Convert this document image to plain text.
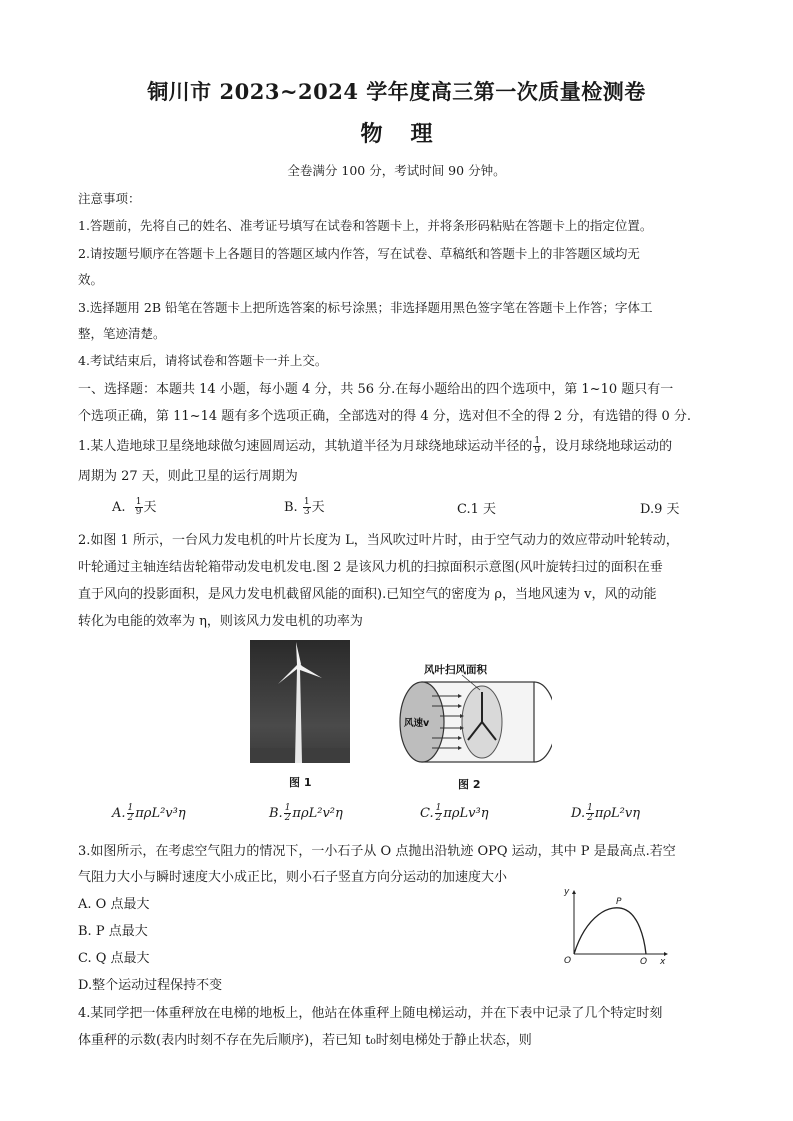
铜川市 2023~2024 学年度高三第一次质量检测卷
物 理
全卷满分 100 分，考试时间 90 分钟。
注意事项：
1.答题前，先将自己的姓名、准考证号填写在试卷和答题卡上，并将条形码粘贴在答题卡上的指定位置。
2.请按题号顺序在答题卡上各题目的答题区域内作答，写在试卷、草稿纸和答题卡上的非答题区域均无
效。
3.选择题用 2B 铅笔在答题卡上把所选答案的标号涂黑；非选择题用黑色签字笔在答题卡上作答；字体工
整，笔迹清楚。
4.考试结束后，请将试卷和答题卡一并上交。
一、选择题：本题共 14 小题，每小题 4 分，共 56 分.在每小题给出的四个选项中，第 1~10 题只有一
个选项正确，第 11~14 题有多个选项正确，全部选对的得 4 分，选对但不全的得 2 分，有选错的得 0 分.
1.某人造地球卫星绕地球做匀速圆周运动，其轨道半径为月球绕地球运动半径的 $\frac{1}{9}$ ，设月球绕地球运动的
周期为 27 天，则此卫星的运行周期为
A. $\frac{1}{9}$ 天	B. $\frac{1}{3}$ 天	C.1 天	D.9 天
2.如图 1 所示，一台风力发电机的叶片长度为 L，当风吹过叶片时，由于空气动力的效应带动叶轮转动，
叶轮通过主轴连结齿轮箱带动发电机发电.图 2 是该风力机的扫掠面积示意图(风叶旋转扫过的面积在垂
直于风向的投影面积，是风力发电机截留风能的面积).已知空气的密度为 ρ，当地风速为 v，风的动能
转化为电能的效率为 η，则该风力发电机的功率为
图 1
风叶扫风面积
风速v
图 2
A. $\frac{1}{2} \pi\rho L^2v^3\eta$	B. $\frac{1}{2} \pi\rho L^2v^2\eta$	C. $\frac{1}{2} \pi\rho Lv^3\eta$	D. $\frac{1}{2} \pi\rho L^2v\eta$
3.如图所示，在考虑空气阻力的情况下，一小石子从 O 点抛出沿轨迹 OPQ 运动，其中 P 是最高点.若空
气阻力大小与瞬时速度大小成正比，则小石子竖直方向分运动的加速度大小
A. O 点最大
B. P 点最大
C. Q 点最大
D.整个运动过程保持不变
y
x
O
P
Q
4.某同学把一体重秤放在电梯的地板上，他站在体重秤上随电梯运动，并在下表中记录了几个特定时刻
体重秤的示数(表内时刻不存在先后顺序)，若已知 t₀时刻电梯处于静止状态，则
